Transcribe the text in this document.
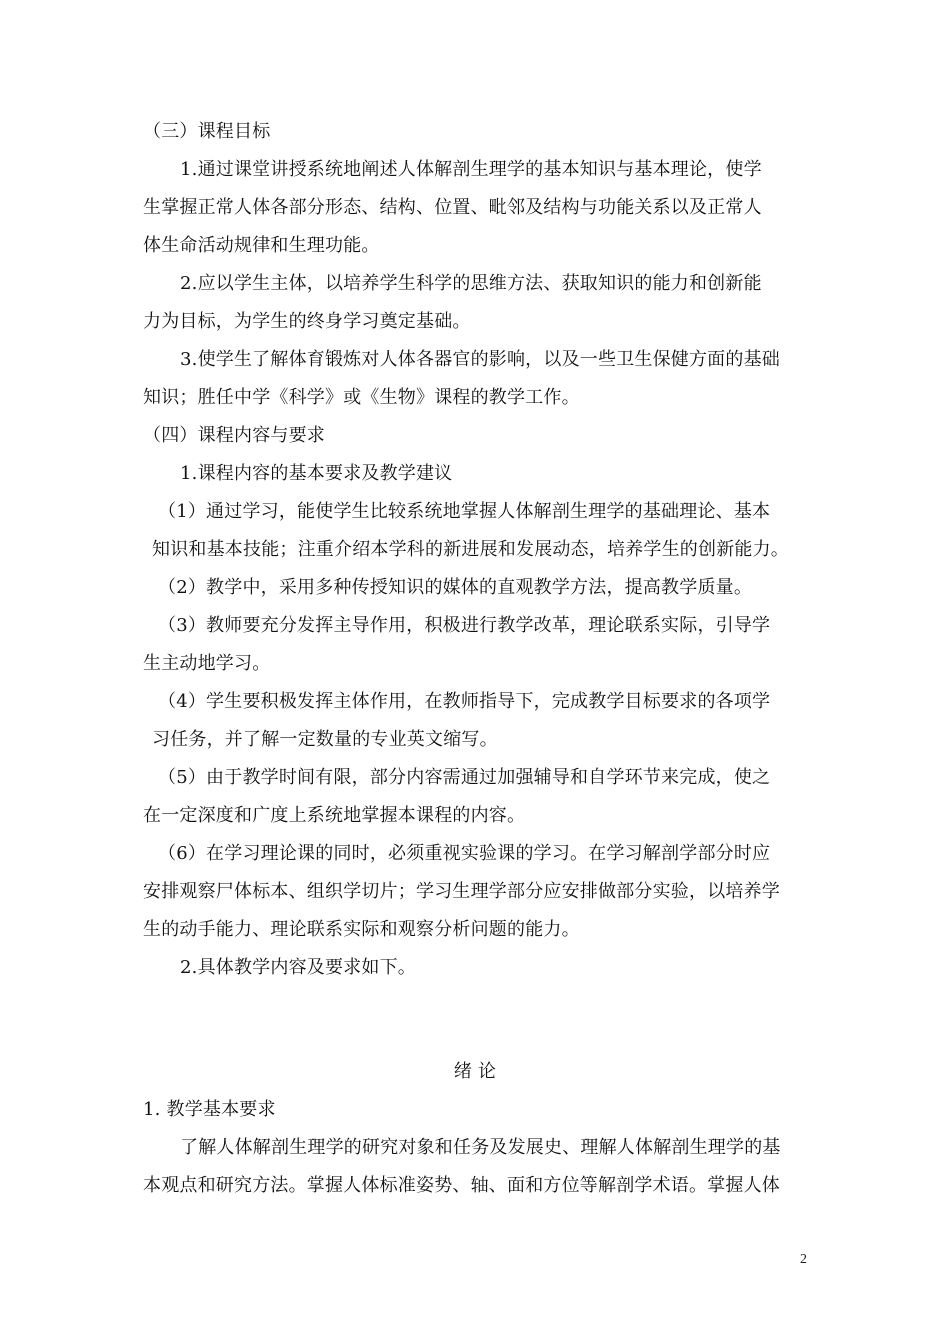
（三）课程目标
1.通过课堂讲授系统地阐述人体解剖生理学的基本知识与基本理论，使学
生掌握正常人体各部分形态、结构、位置、毗邻及结构与功能关系以及正常人
体生命活动规律和生理功能。
2.应以学生主体，以培养学生科学的思维方法、获取知识的能力和创新能
力为目标，为学生的终身学习奠定基础。
3.使学生了解体育锻炼对人体各器官的影响，以及一些卫生保健方面的基础
知识；胜任中学《科学》或《生物》课程的教学工作。
（四）课程内容与要求
1.课程内容的基本要求及教学建议
（1）通过学习，能使学生比较系统地掌握人体解剖生理学的基础理论、基本
知识和基本技能；注重介绍本学科的新进展和发展动态，培养学生的创新能力。
（2）教学中，采用多种传授知识的媒体的直观教学方法，提高教学质量。
（3）教师要充分发挥主导作用，积极进行教学改革，理论联系实际，引导学
生主动地学习。
（4）学生要积极发挥主体作用，在教师指导下，完成教学目标要求的各项学
习任务，并了解一定数量的专业英文缩写。
（5）由于教学时间有限，部分内容需通过加强辅导和自学环节来完成，使之
在一定深度和广度上系统地掌握本课程的内容。
（6）在学习理论课的同时，必须重视实验课的学习。在学习解剖学部分时应
安排观察尸体标本、组织学切片；学习生理学部分应安排做部分实验，以培养学
生的动手能力、理论联系实际和观察分析问题的能力。
2.具体教学内容及要求如下。
绪 论
1. 教学基本要求
了解人体解剖生理学的研究对象和任务及发展史、理解人体解剖生理学的基
本观点和研究方法。掌握人体标准姿势、轴、面和方位等解剖学术语。掌握人体
2
